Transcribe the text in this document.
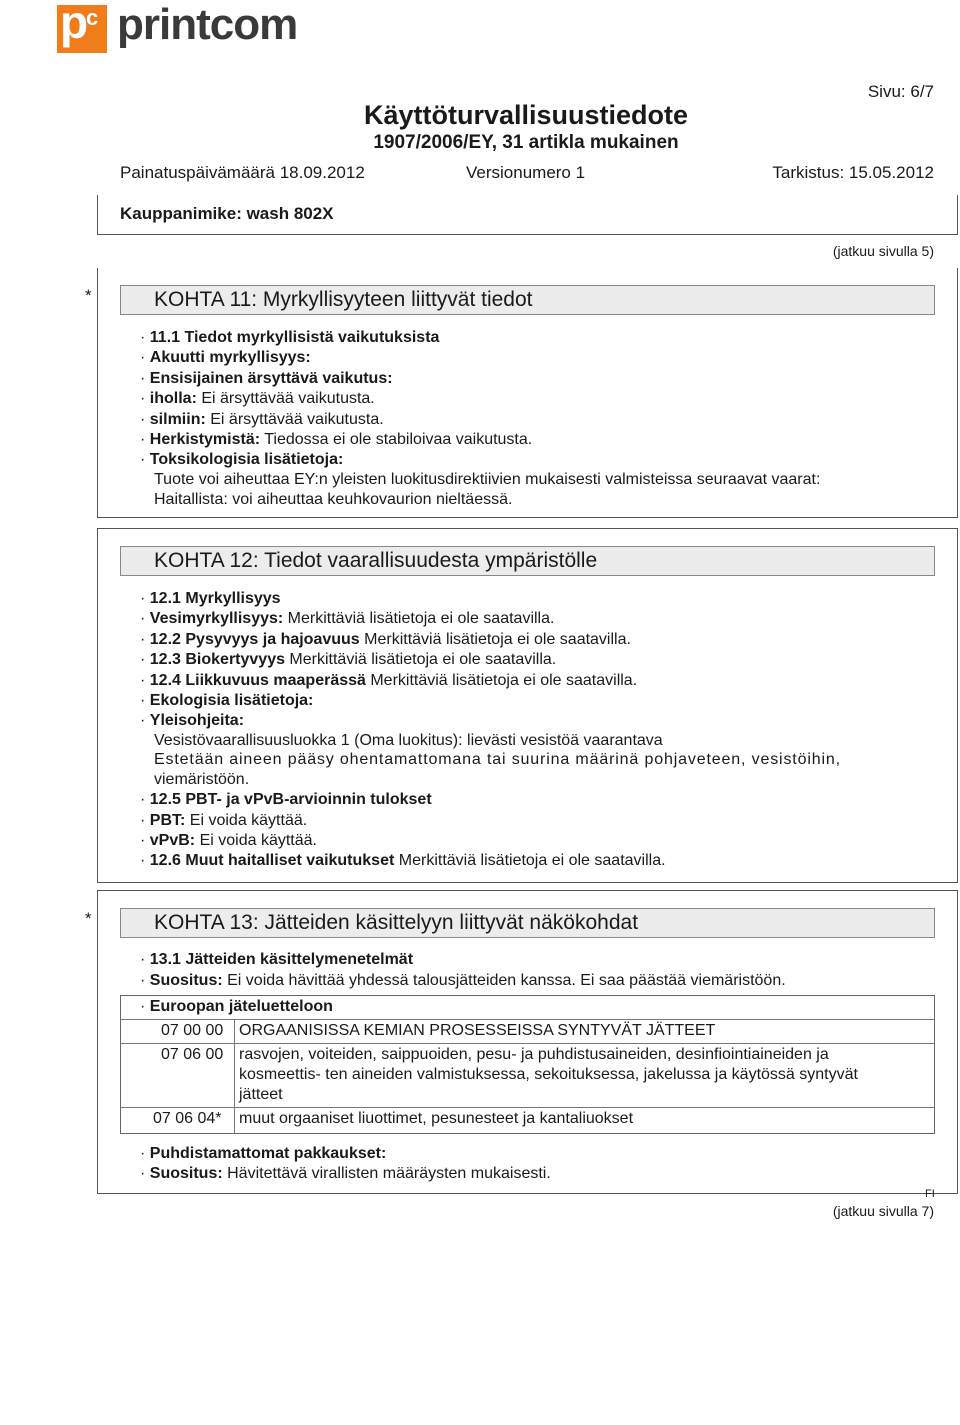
p
c printcom
Sivu: 6/7
Käyttöturvallisuustiedote
1907/2006/EY, 31 artikla mukainen
Painatuspäivämäärä 18.09.2012	Versionumero 1	Tarkistus: 15.05.2012
Kauppanimike: wash 802X
(jatkuu sivulla 5)
*	KOHTA 11: Myrkyllisyyteen liittyvät tiedot
· 11.1 Tiedot myrkyllisistä vaikutuksista
· Akuutti myrkyllisyys:
· Ensisijainen ärsyttävä vaikutus:
· iholla: Ei ärsyttävää vaikutusta.
· silmiin: Ei ärsyttävää vaikutusta.
· Herkistymistä: Tiedossa ei ole stabiloivaa vaikutusta.
· Toksikologisia lisätietoja:
Tuote voi aiheuttaa EY:n yleisten luokitusdirektiivien mukaisesti valmisteissa seuraavat vaarat:
Haitallista: voi aiheuttaa keuhkovaurion nieltäessä.
KOHTA 12: Tiedot vaarallisuudesta ympäristölle
· 12.1 Myrkyllisyys
· Vesimyrkyllisyys: Merkittäviä lisätietoja ei ole saatavilla.
· 12.2 Pysyvyys ja hajoavuus Merkittäviä lisätietoja ei ole saatavilla.
· 12.3 Biokertyvyys Merkittäviä lisätietoja ei ole saatavilla.
· 12.4 Liikkuvuus maaperässä Merkittäviä lisätietoja ei ole saatavilla.
· Ekologisia lisätietoja:
· Yleisohjeita:
Vesistövaarallisuusluokka 1 (Oma luokitus): lievästi vesistöä vaarantava
Estetään aineen pääsy ohentamattomana tai suurina määrinä pohjaveteen, vesistöihin,
viemäristöön.
· 12.5 PBT- ja vPvB-arvioinnin tulokset
· PBT: Ei voida käyttää.
· vPvB: Ei voida käyttää.
· 12.6 Muut haitalliset vaikutukset Merkittäviä lisätietoja ei ole saatavilla.
*	KOHTA 13: Jätteiden käsittelyyn liittyvät näkökohdat
· 13.1 Jätteiden käsittelymenetelmät
· Suositus: Ei voida hävittää yhdessä talousjätteiden kanssa. Ei saa päästää viemäristöön.
· Euroopan jäteluetteloon
07 00 00 ORGAANISISSA KEMIAN PROSESSEISSA SYNTYVÄT JÄTTEET
07 06 00 rasvojen, voiteiden, saippuoiden, pesu- ja puhdistusaineiden, desinfiointiaineiden ja
kosmeettis- ten aineiden valmistuksessa, sekoituksessa, jakelussa ja käytössä syntyvät
jätteet
07 06 04* muut orgaaniset liuottimet, pesunesteet ja kantaliuokset
· Puhdistamattomat pakkaukset:
· Suositus: Hävitettävä virallisten määräysten mukaisesti.
FI
(jatkuu sivulla 7)
